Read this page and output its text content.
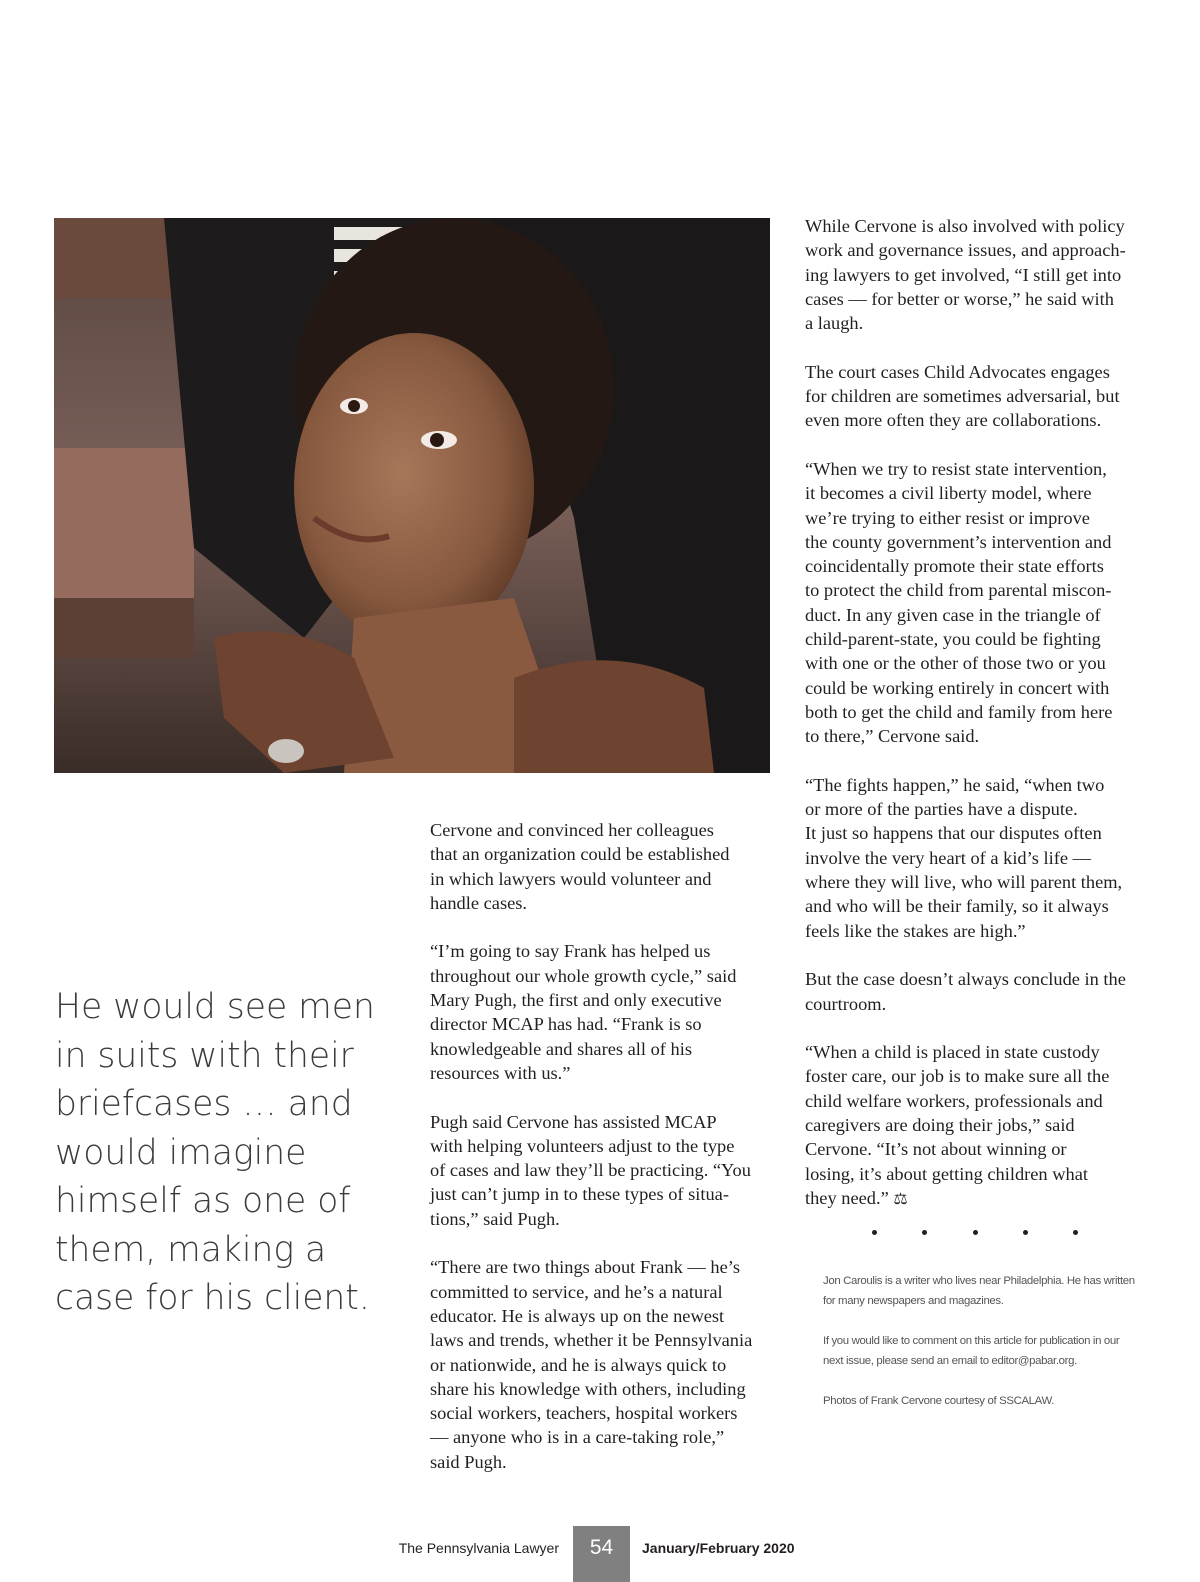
He would see men
in suits with their
briefcases … and
would imagine
himself as one of
them, making a
case for his client.

Cervone and convinced her colleagues
that an organization could be established
in which lawyers would volunteer and
handle cases.

“I’m going to say Frank has helped us
throughout our whole growth cycle,” said
Mary Pugh, the first and only executive
director MCAP has had. “Frank is so
knowledgeable and shares all of his
resources with us.”

Pugh said Cervone has assisted MCAP
with helping volunteers adjust to the type
of cases and law they’ll be practicing. “You
just can’t jump in to these types of situa-
tions,” said Pugh.

“There are two things about Frank — he’s
committed to service, and he’s a natural
educator. He is always up on the newest
laws and trends, whether it be Pennsylvania
or nationwide, and he is always quick to
share his knowledge with others, including
social workers, teachers, hospital workers
— anyone who is in a care-taking role,”
said Pugh.

While Cervone is also involved with policy
work and governance issues, and approach-
ing lawyers to get involved, “I still get into
cases — for better or worse,” he said with
a laugh.

The court cases Child Advocates engages
for children are sometimes adversarial, but
even more often they are collaborations.

“When we try to resist state intervention,
it becomes a civil liberty model, where
we’re trying to either resist or improve
the county government’s intervention and
coincidentally promote their state efforts
to protect the child from parental miscon-
duct. In any given case in the triangle of
child-parent-state, you could be fighting
with one or the other of those two or you
could be working entirely in concert with
both to get the child and family from here
to there,” Cervone said.

“The fights happen,” he said, “when two
or more of the parties have a dispute.
It just so happens that our disputes often
involve the very heart of a kid’s life —
where they will live, who will parent them,
and who will be their family, so it always
feels like the stakes are high.”

But the case doesn’t always conclude in the
courtroom.

“When a child is placed in state custody
foster care, our job is to make sure all the
child welfare workers, professionals and
caregivers are doing their jobs,” said
Cervone. “It’s not about winning or
losing, it’s about getting children what
they need.” ⚖

Jon Caroulis is a writer who lives near Philadelphia. He has written
for many newspapers and magazines.

If you would like to comment on this article for publication in our
next issue, please send an email to editor@pabar.org.

Photos of Frank Cervone courtesy of SSCALAW.

The Pennsylvania Lawyer	54	January/February 2020
